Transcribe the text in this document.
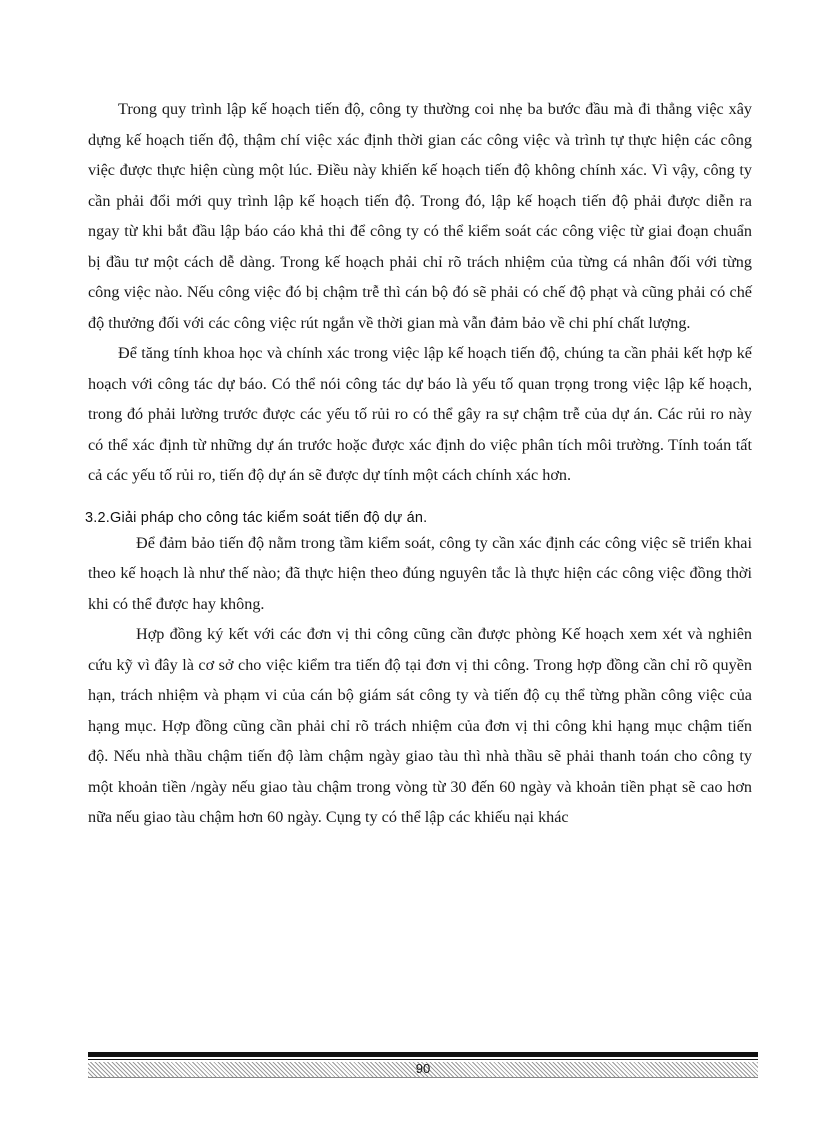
Trong quy trình lập kế hoạch tiến độ, công ty thường coi nhẹ ba bước đầu mà đi thẳng việc xây dựng kế hoạch tiến độ, thậm chí việc xác định thời gian các công việc và trình tự thực hiện các công việc được thực hiện cùng một lúc. Điều này khiến kế hoạch tiến độ không chính xác. Vì vậy, công ty cần phải đổi mới quy trình lập kế hoạch tiến độ. Trong đó, lập kế hoạch tiến độ phải được diễn ra ngay từ khi bắt đầu lập báo cáo khả thi để công ty có thể kiểm soát các công việc từ giai đoạn chuẩn bị đầu tư một cách dễ dàng. Trong kế hoạch phải chỉ rõ trách nhiệm của từng cá nhân đối với từng công việc nào. Nếu công việc đó bị chậm trễ thì cán bộ đó sẽ phải có chế độ phạt và cũng phải có chế độ thưởng đối với các công việc rút ngắn về thời gian mà vẫn đảm bảo về chi phí chất lượng.

Để tăng tính khoa học và chính xác trong việc lập kế hoạch tiến độ, chúng ta cần phải kết hợp kế hoạch với công tác dự báo. Có thể nói công tác dự báo là yếu tố quan trọng trong việc lập kế hoạch, trong đó phải lường trước được các yếu tố rủi ro có thể gây ra sự chậm trễ của dự án. Các rủi ro này có thể xác định từ những dự án trước hoặc được xác định do việc phân tích môi trường. Tính toán tất cả các yếu tố rủi ro, tiến độ dự án sẽ được dự tính một cách chính xác hơn.

3.2.Giải pháp cho công tác kiểm soát tiến độ dự án.

Để đảm bảo tiến độ nằm trong tầm kiểm soát, công ty cần xác định các công việc sẽ triển khai theo kế hoạch là như thế nào; đã thực hiện theo đúng nguyên tắc là thực hiện các công việc đồng thời khi có thể được hay không.

Hợp đồng ký kết với các đơn vị thi công cũng cần được phòng Kế hoạch xem xét và nghiên cứu kỹ vì đây là cơ sở cho việc kiểm tra tiến độ tại đơn vị thi công. Trong hợp đồng cần chỉ rõ quyền hạn, trách nhiệm và phạm vi của cán bộ giám sát công ty và tiến độ cụ thể từng phần công việc của hạng mục. Hợp đồng cũng cần phải chỉ rõ trách nhiệm của đơn vị thi công khi hạng mục chậm tiến độ. Nếu nhà thầu chậm tiến độ làm chậm ngày giao tàu thì nhà thầu sẽ phải thanh toán cho công ty một khoản tiền /ngày nếu giao tàu chậm trong vòng từ 30 đến 60 ngày và khoản tiền phạt sẽ cao hơn nữa nếu giao tàu chậm hơn 60 ngày. Cụng ty có thể lập các khiếu nại khác

90
